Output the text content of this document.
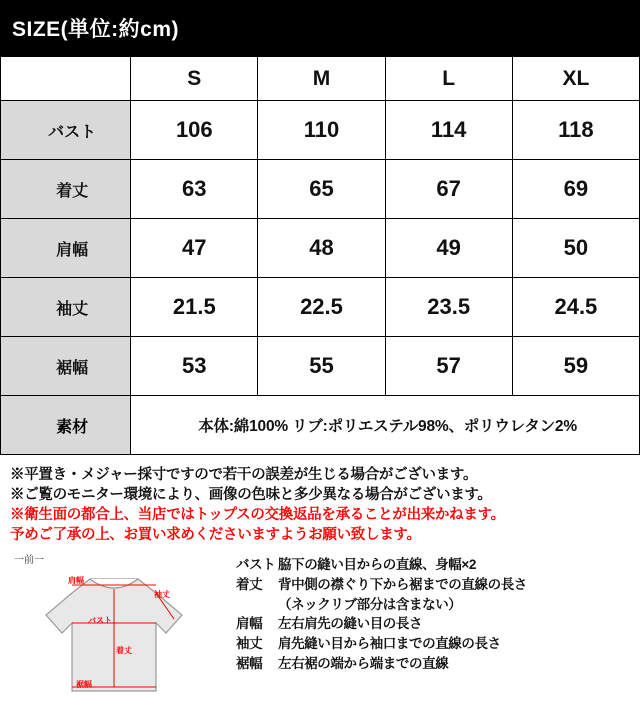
SIZE(単位:約cm)
	S	M	L	XL
バスト	106	110	114	118
着丈	63	65	67	69
肩幅	47	48	49	50
袖丈	21.5	22.5	23.5	24.5
裾幅	53	55	57	59
素材	本体:綿100% リブ:ポリエステル98%、ポリウレタン2%			
※平置き・メジャー採寸ですので若干の誤差が生じる場合がございます。
※ご覧のモニター環境により、画像の色味と多少異なる場合がございます。
※衛生面の都合上、当店ではトップスの交換返品を承ることが出来かねます。
予めご了承の上、お買い求めくださいますようお願い致します。
一前一
肩幅
袖丈
バスト
着丈
裾幅
バスト 脇下の縫い目からの直線、身幅×2
着丈	背中側の襟ぐり下から裾までの直線の長さ
（ネックリブ部分は含まない）
肩幅	左右肩先の縫い目の長さ
袖丈	肩先縫い目から袖口までの直線の長さ
裾幅	左右裾の端から端までの直線
